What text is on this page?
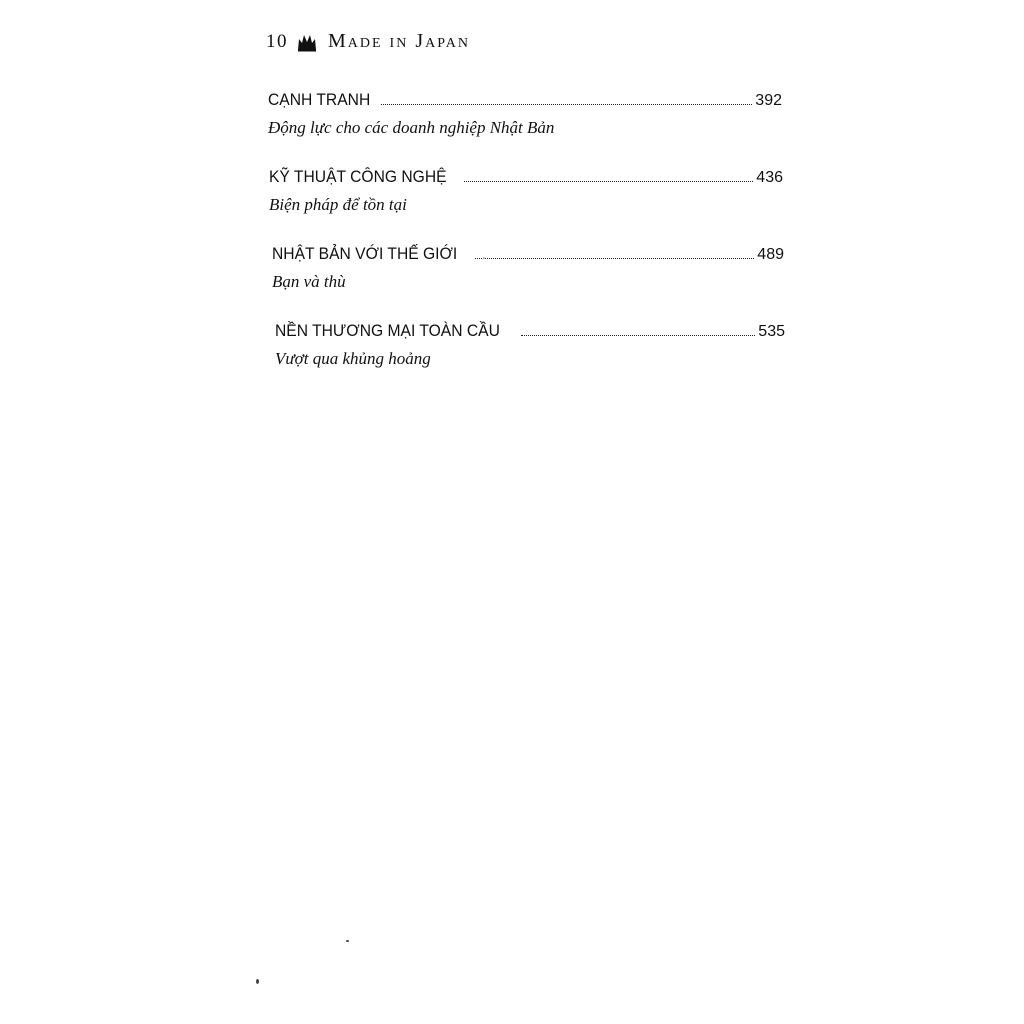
10 Made in Japan
CẠNH TRANH	392
Động lực cho các doanh nghiệp Nhật Bản
KỸ THUẬT CÔNG NGHỆ	436
Biện pháp để tồn tại
NHẬT BẢN VỚI THẾ GIỚI	489
Bạn và thù
NỀN THƯƠNG MẠI TOÀN CẦU	535
Vượt qua khủng hoảng
